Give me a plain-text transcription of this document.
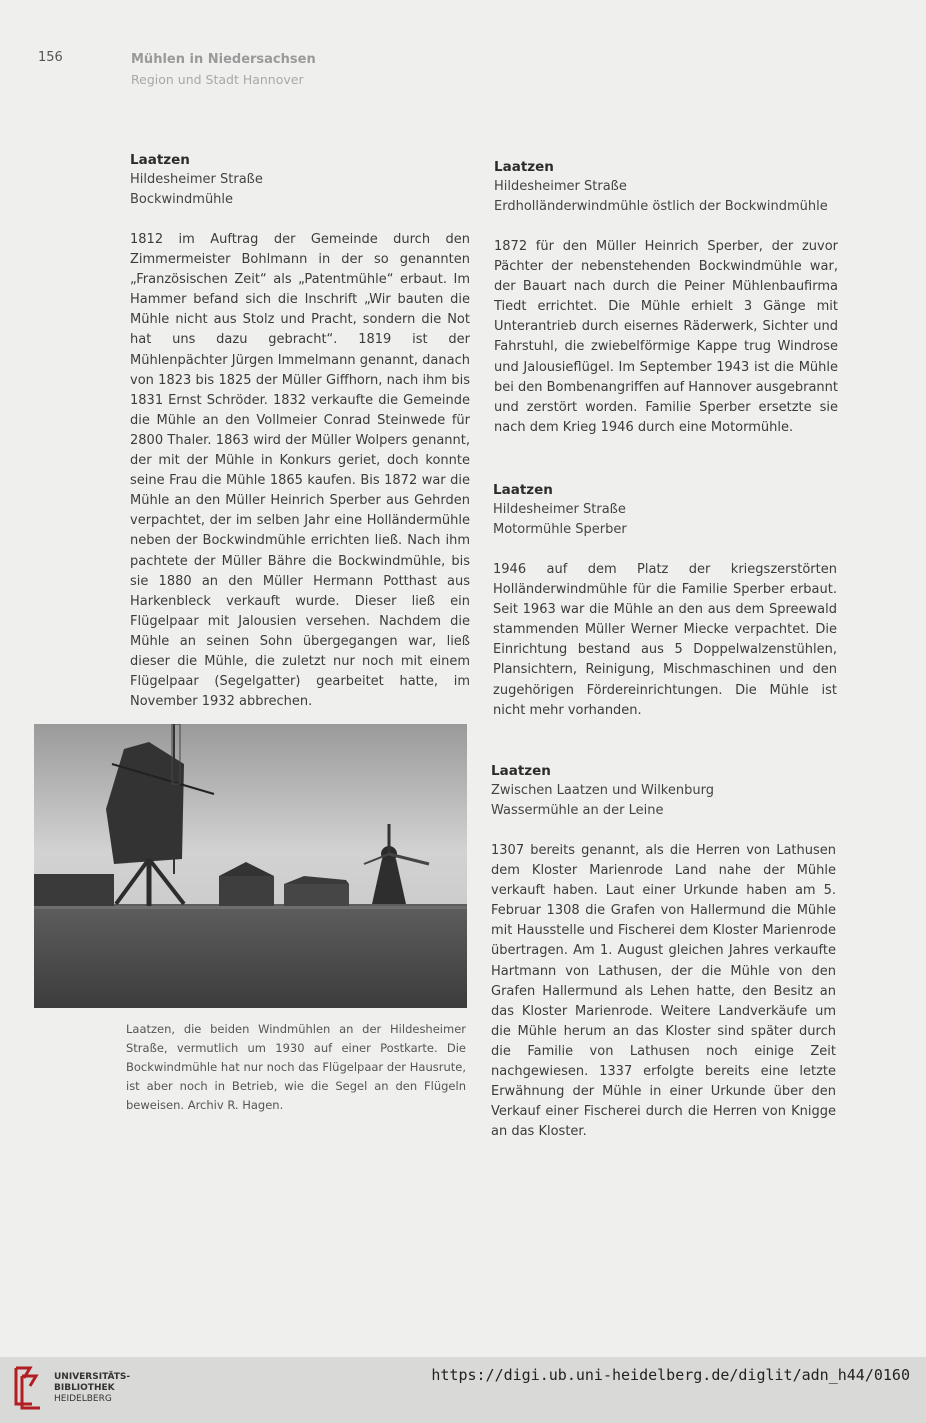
156	Mühlen in Niedersachsen
Region und Stadt Hannover
Laatzen
Hildesheimer Straße
Bockwindmühle
1812 im Auftrag der Gemeinde durch den Zimmermeister Bohlmann in der so genannten „Französischen Zeit“ als „Patentmühle“ erbaut. Im Hammer befand sich die Inschrift „Wir bauten die Mühle nicht aus Stolz und Pracht, sondern die Not hat uns dazu gebracht“. 1819 ist der Mühlenpächter Jürgen Immelmann genannt, danach von 1823 bis 1825 der Müller Giffhorn, nach ihm bis 1831 Ernst Schröder. 1832 verkaufte die Gemeinde die Mühle an den Vollmeier Conrad Steinwede für 2800 Thaler. 1863 wird der Müller Wolpers genannt, der mit der Mühle in Konkurs geriet, doch konnte seine Frau die Mühle 1865 kaufen. Bis 1872 war die Mühle an den Müller Heinrich Sperber aus Gehrden verpachtet, der im selben Jahr eine Holländermühle neben der Bockwindmühle errichten ließ. Nach ihm pachtete der Müller Bähre die Bockwindmühle, bis sie 1880 an den Müller Hermann Potthast aus Harkenbleck verkauft wurde. Dieser ließ ein Flügelpaar mit Jalousien versehen. Nachdem die Mühle an seinen Sohn übergegangen war, ließ dieser die Mühle, die zuletzt nur noch mit einem Flügelpaar (Segelgatter) gearbeitet hatte, im November 1932 abbrechen.
Laatzen, die beiden Windmühlen an der Hildesheimer Straße, vermutlich um 1930 auf einer Postkarte. Die Bockwindmühle hat nur noch das Flügelpaar der Hausrute, ist aber noch in Betrieb, wie die Segel an den Flügeln beweisen. Archiv R. Hagen.
Laatzen
Hildesheimer Straße
Erdholländerwindmühle östlich der Bockwindmühle
1872 für den Müller Heinrich Sperber, der zuvor Pächter der nebenstehenden Bockwindmühle war, der Bauart nach durch die Peiner Mühlenbaufirma Tiedt errichtet. Die Mühle erhielt 3 Gänge mit Unterantrieb durch eisernes Räderwerk, Sichter und Fahrstuhl, die zwiebelförmige Kappe trug Windrose und Jalousieflügel. Im September 1943 ist die Mühle bei den Bombenangriffen auf Hannover ausgebrannt und zerstört worden. Familie Sperber ersetzte sie nach dem Krieg 1946 durch eine Motormühle.
Laatzen
Hildesheimer Straße
Motormühle Sperber
1946 auf dem Platz der kriegszerstörten Holländerwindmühle für die Familie Sperber erbaut. Seit 1963 war die Mühle an den aus dem Spreewald stammenden Müller Werner Miecke verpachtet. Die Einrichtung bestand aus 5 Doppelwalzenstühlen, Plansichtern, Reinigung, Mischmaschinen und den zugehörigen Fördereinrichtungen. Die Mühle ist nicht mehr vorhanden.
Laatzen
Zwischen Laatzen und Wilkenburg
Wassermühle an der Leine
1307 bereits genannt, als die Herren von Lathusen dem Kloster Marienrode Land nahe der Mühle verkauft haben. Laut einer Urkunde haben am 5. Februar 1308 die Grafen von Hallermund die Mühle mit Hausstelle und Fischerei dem Kloster Marienrode übertragen. Am 1. August gleichen Jahres verkaufte Hartmann von Lathusen, der die Mühle von den Grafen Hallermund als Lehen hatte, den Besitz an das Kloster Marienrode. Weitere Landverkäufe um die Mühle herum an das Kloster sind später durch die Familie von Lathusen noch einige Zeit nachgewiesen. 1337 erfolgte bereits eine letzte Erwähnung der Mühle in einer Urkunde über den Verkauf einer Fischerei durch die Herren von Knigge an das Kloster.
UNIVERSITÄTS-
BIBLIOTHEK
HEIDELBERG
https://digi.ub.uni-heidelberg.de/diglit/adn_h44/0160
